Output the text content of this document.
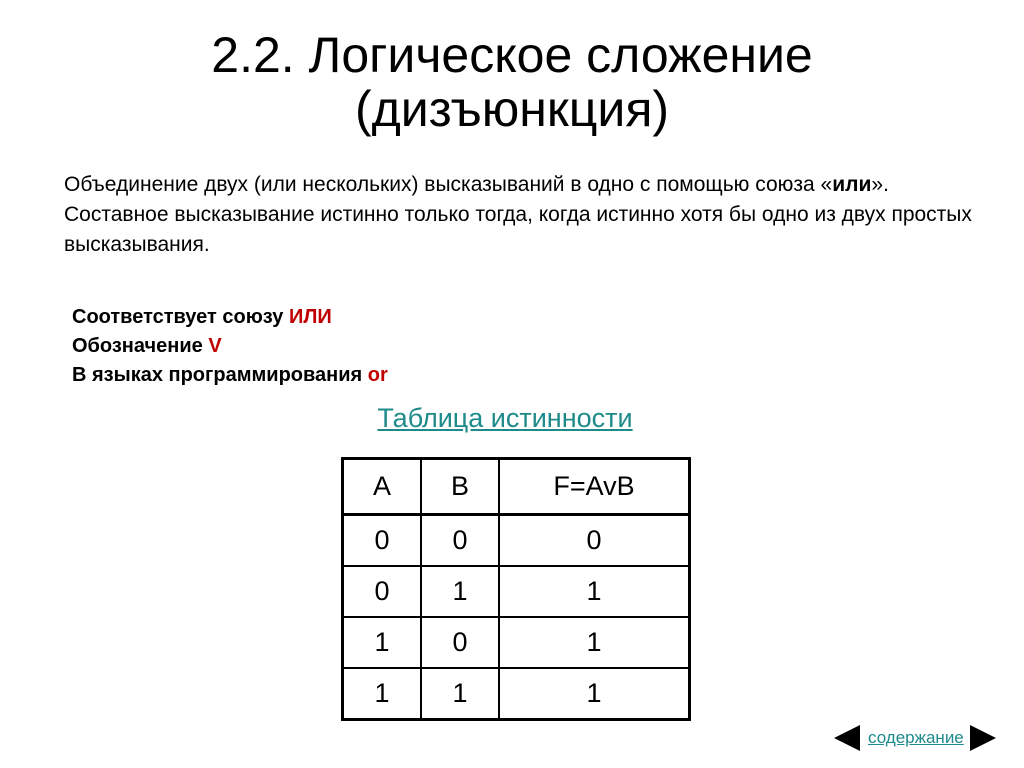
2.2. Логическое сложение
(дизъюнкция)
Объединение двух (или нескольких) высказываний в одно с помощью союза «или».
Составное высказывание истинно только тогда, когда истинно хотя бы одно из двух простых высказывания.
Соответствует союзу ИЛИ
Обозначение V
В языках программирования or
Таблица истинности
A	B	F=AvB
0	0	0
0	1	1
1	0	1
1	1	1
содержание
